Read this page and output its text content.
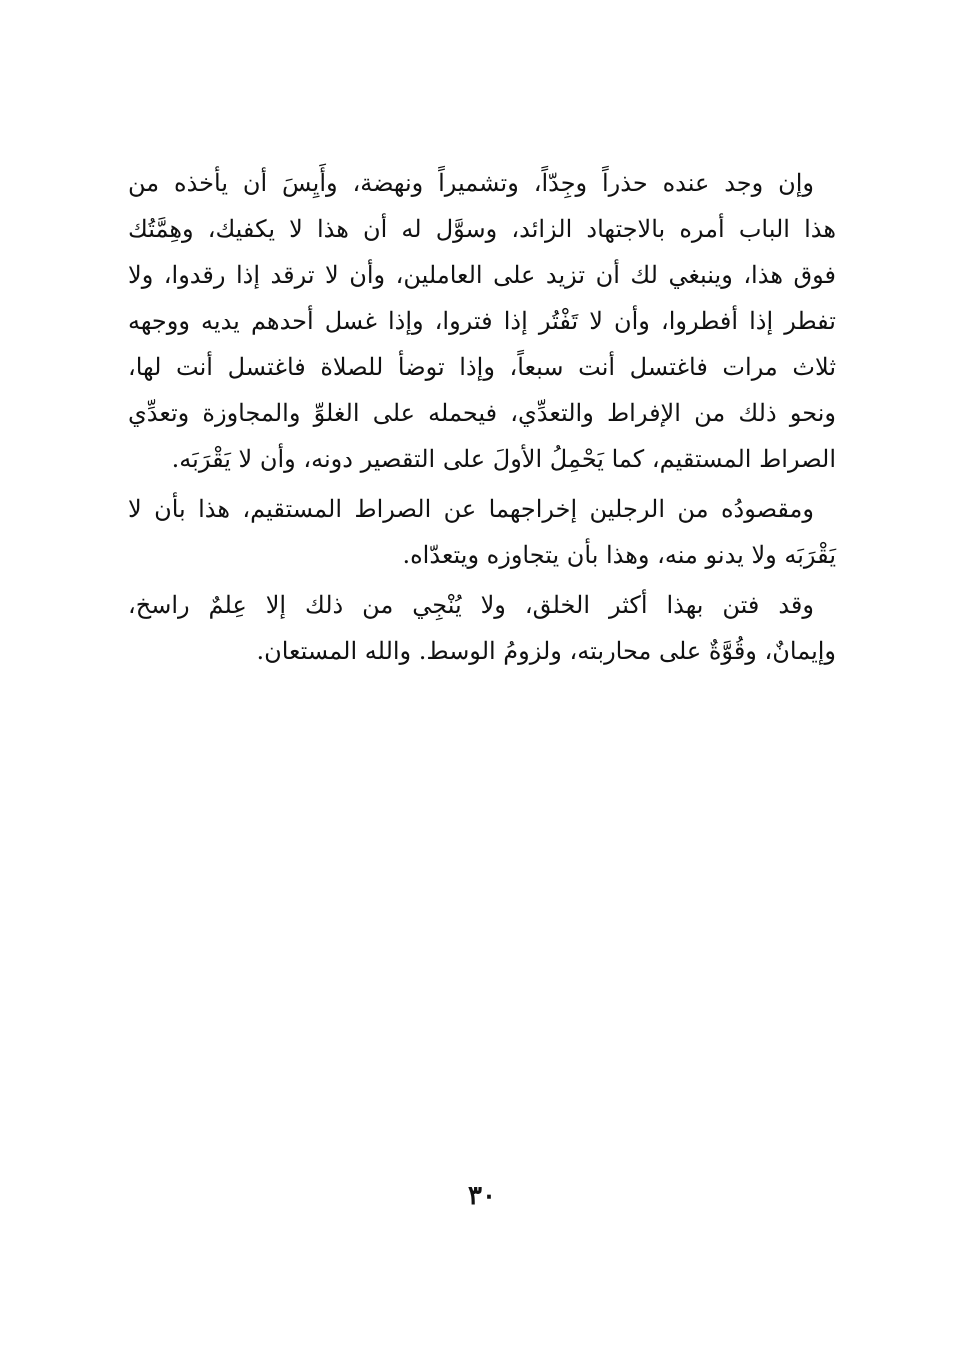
وإن وجد عنده حذراً وجِدّاً، وتشميراً ونهضة، وأَيِسَ أن يأخذه من
هذا الباب أمره بالاجتهاد الزائد، وسوَّل له أن هذا لا يكفيك، وهِمَّتُك
فوق هذا، وينبغي لك أن تزيد على العاملين، وأن لا ترقد إذا رقدوا، ولا
تفطر إذا أفطروا، وأن لا تَفْتُر إذا فتروا، وإذا غسل أحدهم يديه ووجهه
ثلاث مرات فاغتسل أنت سبعاً، وإذا توضأ للصلاة فاغتسل أنت لها،
ونحو ذلك من الإفراط والتعدِّي، فيحمله على الغلوِّ والمجاوزة وتعدِّي
الصراط المستقيم، كما يَحْمِلُ الأولَ على التقصير دونه، وأن لا يَقْرَبَه.

ومقصودُه من الرجلين إخراجهما عن الصراط المستقيم، هذا بأن لا
يَقْرَبَه ولا يدنو منه، وهذا بأن يتجاوزه ويتعدّاه.

وقد فتن بهذا أكثر الخلق، ولا يُنْجِي من ذلك إلا عِلمٌ راسخ،
وإيمانٌ، وقُوَّةٌ على محاربته، ولزومُ الوسط. والله المستعان.

٣٠
